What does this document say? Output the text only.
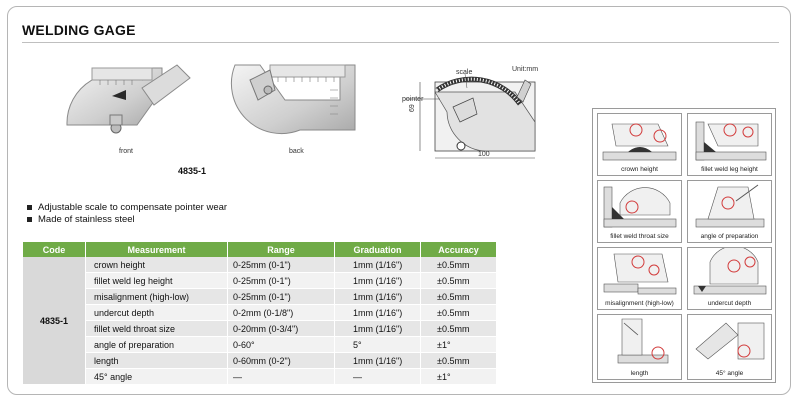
WELDING GAGE
front	back
4835-1
scale
pointer
Unit:mm
100
69
Adjustable scale to compensate pointer wear
Made of stainless steel
Code	Measurement	Range	Graduation	Accuracy
4835-1	crown height	0-25mm (0-1")	1mm (1/16")	±0.5mm
	fillet weld leg height	0-25mm (0-1")	1mm (1/16")	±0.5mm
	misalignment (high-low)	0-25mm (0-1")	1mm (1/16")	±0.5mm
	undercut depth	0-2mm (0-1/8")	1mm (1/16")	±0.5mm
	fillet weld throat size	0-20mm (0-3/4")	1mm (1/16")	±0.5mm
	angle of preparation	0-60°	5°	±1°
	length	0-60mm (0-2")	1mm (1/16")	±0.5mm
	45° angle	—	—	±1°
crown height	fillet weld leg height
fillet weld throat size	angle of preparation
misalignment (high-low)	undercut depth
length	45° angle
